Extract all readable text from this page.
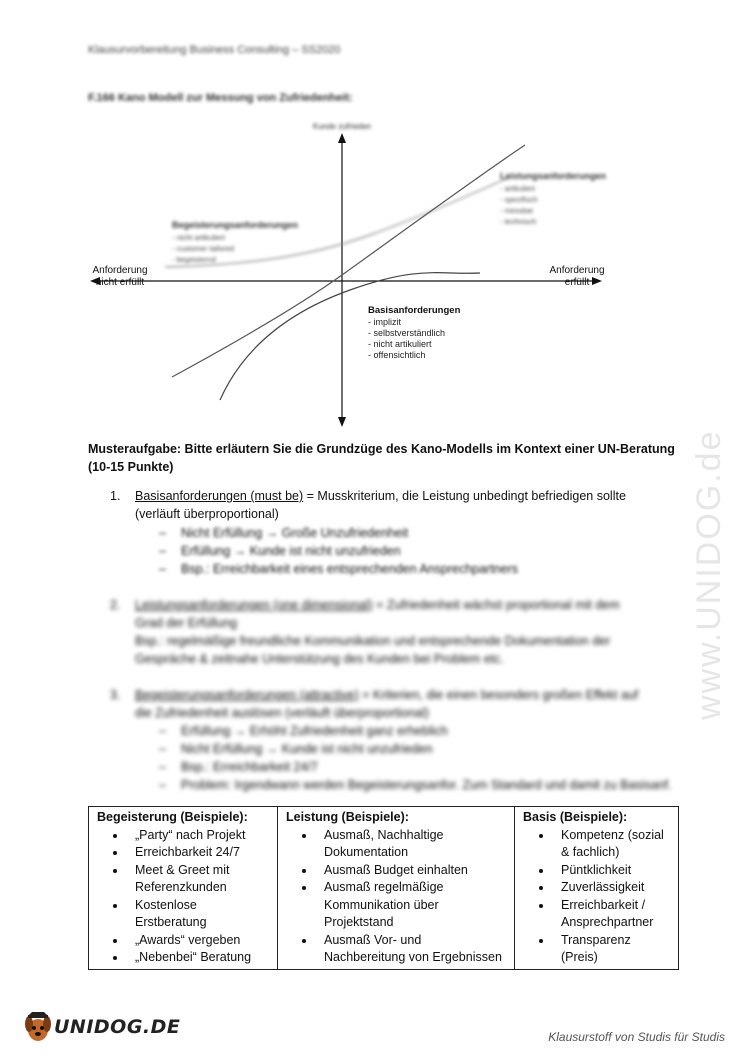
Klausurvorbereitung Business Consulting – SS2020
F.166 Kano Modell zur Messung von Zufriedenheit:
Kunde zufrieden
Anforderung
nicht erfüllt
Anforderung
erfüllt
Leistungsanforderungen
- artikuliert
- spezifisch
- messbar
- technisch
Begeisterungsanforderungen
- nicht artikuliert
- customer tailored
- begeisternd
Basisanforderungen
- implizit
- selbstverständlich
- nicht artikuliert
- offensichtlich
Musteraufgabe: Bitte erläutern Sie die Grundzüge des Kano-Modells im Kontext einer UN-Beratung
(10-15 Punkte)
1. Basisanforderungen (must be) = Musskriterium, die Leistung unbedingt befriedigen sollte
(verläuft überproportional)
– Nicht Erfüllung → Große Unzufriedenheit
– Erfüllung → Kunde ist nicht unzufrieden
– Bsp.: Erreichbarkeit eines entsprechenden Ansprechpartners
2. Leistungsanforderungen (one dimensional) = Zufriedenheit wächst proportional mit dem
Grad der Erfüllung
Bsp.: regelmäßige freundliche Kommunikation und entsprechende Dokumentation der
Gespräche & zeitnahe Unterstützung des Kunden bei Problem etc.
3. Begeisterungsanforderungen (attractive) = Kriterien, die einen besonders großen Effekt auf
die Zufriedenheit auslösen (verläuft überproportional)
– Erfüllung → Erhöht Zufriedenheit ganz erheblich
– Nicht Erfüllung → Kunde ist nicht unzufrieden
– Bsp.: Erreichbarkeit 24/7
– Problem: Irgendwann werden Begeisterungsanfor. Zum Standard und damit zu Basisanf.
Begeisterung (Beispiele):
• „Party“ nach Projekt
• Erreichbarkeit 24/7
• Meet & Greet mit Referenzkunden
• Kostenlose Erstberatung
• „Awards“ vergeben
• „Nebenbei“ Beratung

Leistung (Beispiele):
• Ausmaß, Nachhaltige Dokumentation
• Ausmaß Budget einhalten
• Ausmaß regelmäßige Kommunikation über Projektstand
• Ausmaß Vor- und Nachbereitung von Ergebnissen

Basis (Beispiele):
• Kompetenz (sozial & fachlich)
• Püntklichkeit
• Zuverlässigkeit
• Erreichbarkeit / Ansprechpartner
• Transparenz (Preis)
www.UNIDOG.de
UNIDOG.DE	Klausurstoff von Studis für Studis
